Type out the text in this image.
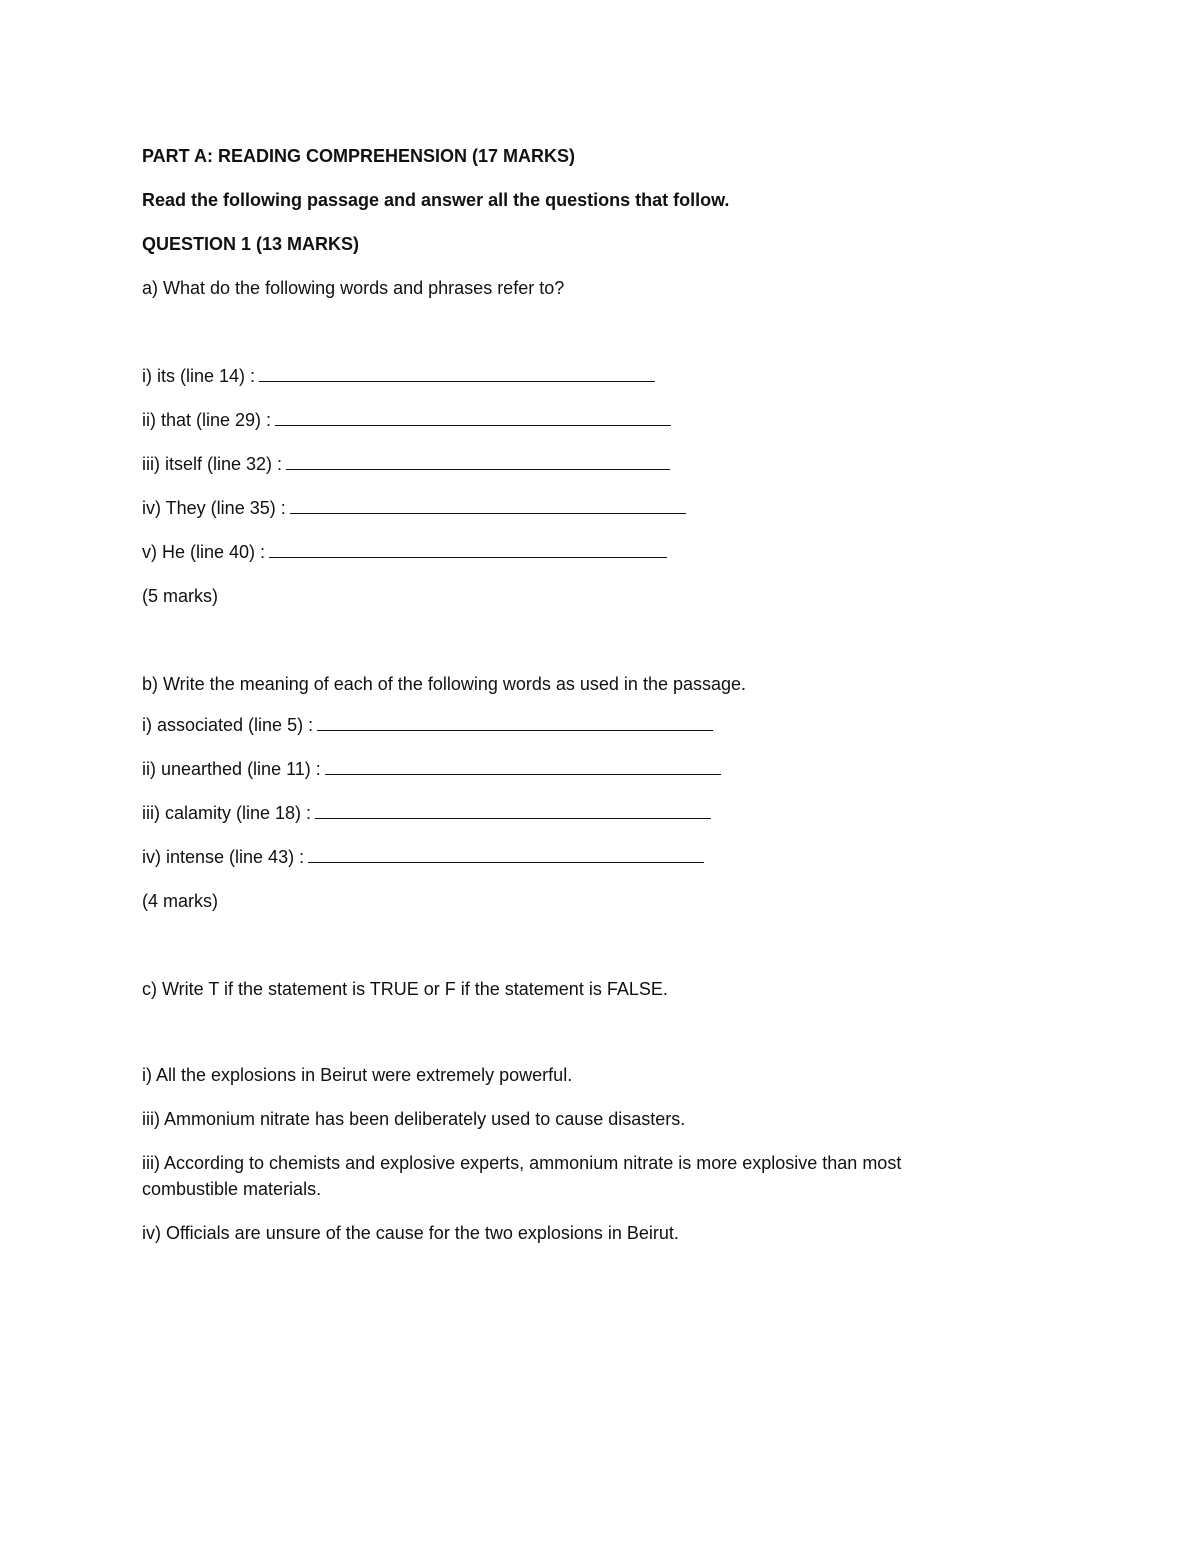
PART A: READING COMPREHENSION (17 MARKS)
Read the following passage and answer all the questions that follow.
QUESTION 1 (13 MARKS)
a) What do the following words and phrases refer to?
i) its (line 14) :
ii) that (line 29) :
iii) itself (line 32) :
iv) They (line 35) :
v) He (line 40) :
(5 marks)
b) Write the meaning of each of the following words as used in the passage.
i) associated (line 5) :
ii) unearthed (line 11) :
iii) calamity (line 18) :
iv) intense (line 43) :
(4 marks)
c) Write T if the statement is TRUE or F if the statement is FALSE.
i) All the explosions in Beirut were extremely powerful.
iii) Ammonium nitrate has been deliberately used to cause disasters.
iii) According to chemists and explosive experts, ammonium nitrate is more explosive than most combustible materials.
iv) Officials are unsure of the cause for the two explosions in Beirut.
